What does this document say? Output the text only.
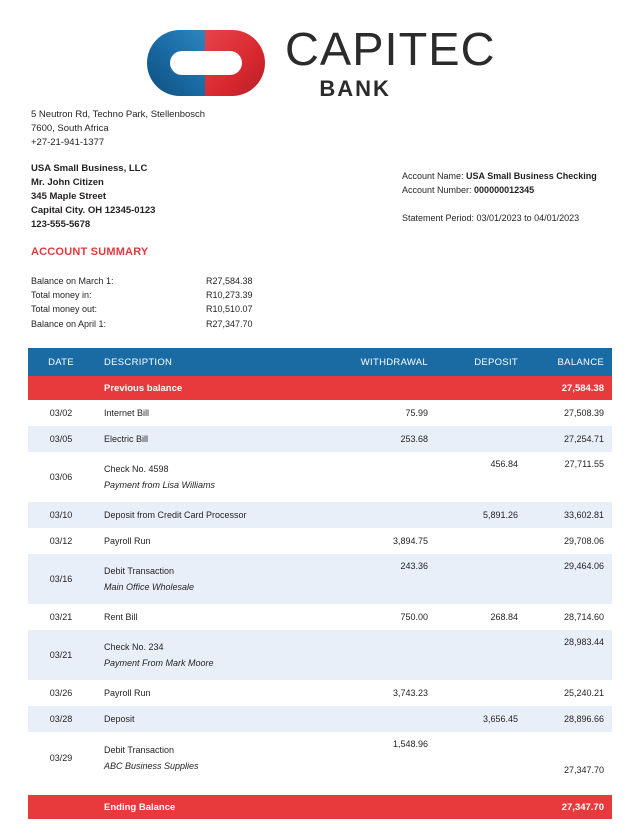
CAPITEC
BANK
5 Neutron Rd, Techno Park, Stellenbosch
7600, South Africa
+27-21-941-1377
USA Small Business, LLC
Mr. John Citizen
345 Maple Street
Capital City. OH 12345-0123
123-555-5678
Account Name: USA Small Business Checking
Account Number: 000000012345
Statement Period: 03/01/2023 to 04/01/2023
ACCOUNT SUMMARY
Balance on March 1:	R27,584.38
Total money in:	R10,273.39
Total money out:	R10,510.07
Balance on April 1:	R27,347.70
DATE	DESCRIPTION	WITHDRAWAL	DEPOSIT	BALANCE
	Previous balance			27,584.38
03/02	Internet Bill	75.99		27,508.39
03/05	Electric Bill	253.68		27,254.71
03/06	Check No. 4598
Payment from Lisa Williams		456.84	27,711.55
03/10	Deposit from Credit Card Processor		5,891.26	33,602.81
03/12	Payroll Run	3,894.75		29,708.06
03/16	Debit Transaction
Main Office Wholesale	243.36		29,464.06
03/21	Rent Bill	750.00	268.84	28,714.60
03/21	Check No. 234
Payment From Mark Moore			28,983.44
03/26	Payroll Run	3,743.23		25,240.21
03/28	Deposit		3,656.45	28,896.66
03/29	Debit Transaction
ABC Business Supplies	1,548.96		27,347.70

	Ending Balance			27,347.70
